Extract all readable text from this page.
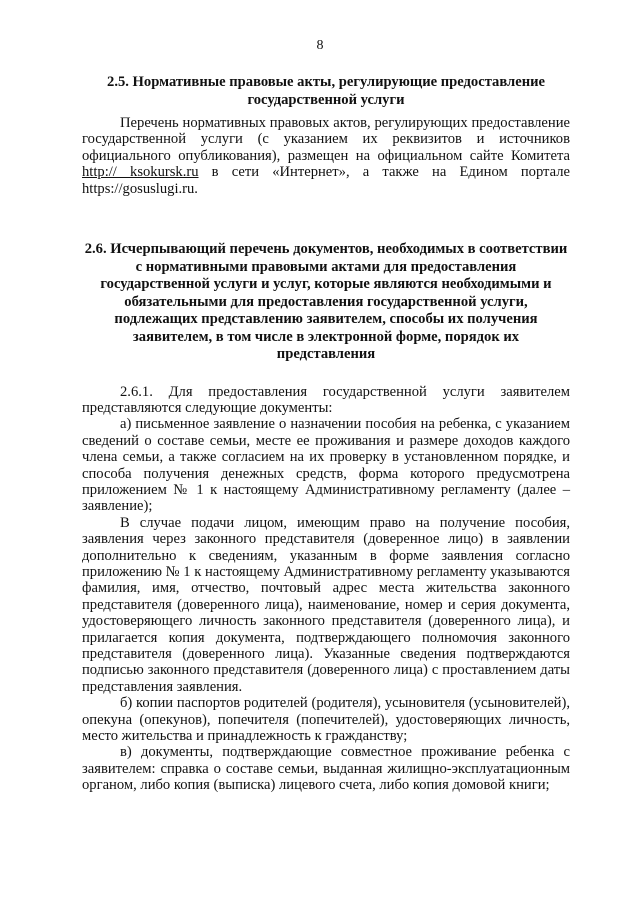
8

2.5. Нормативные правовые акты, регулирующие предоставление государственной услуги

Перечень нормативных правовых актов, регулирующих предоставление государственной услуги (с указанием их реквизитов и источников официального опубликования), размещен на официальном сайте Комитета http:// ksokursk.ru в сети «Интернет», а также на Едином портале https://gosuslugi.ru.

2.6. Исчерпывающий перечень документов, необходимых в соответствии с нормативными правовыми актами для предоставления государственной услуги и услуг, которые являются необходимыми и обязательными для предоставления государственной услуги, подлежащих представлению заявителем, способы их получения заявителем, в том числе в электронной форме, порядок их представления

2.6.1. Для предоставления государственной услуги заявителем представляются следующие документы:

а) письменное заявление о назначении пособия на ребенка, с указанием сведений о составе семьи, месте ее проживания и размере доходов каждого члена семьи, а также согласием на их проверку в установленном порядке, и способа получения денежных средств, форма которого предусмотрена приложением № 1 к настоящему Административному регламенту (далее – заявление);

В случае подачи лицом, имеющим право на получение пособия, заявления через законного представителя (доверенное лицо) в заявлении дополнительно к сведениям, указанным в форме заявления согласно приложению № 1 к настоящему Административному регламенту указываются фамилия, имя, отчество, почтовый адрес места жительства законного представителя (доверенного лица), наименование, номер и серия документа, удостоверяющего личность законного представителя (доверенного лица), и прилагается копия документа, подтверждающего полномочия законного представителя (доверенного лица). Указанные сведения подтверждаются подписью законного представителя (доверенного лица) с проставлением даты представления заявления.

б) копии паспортов родителей (родителя), усыновителя (усыновителей), опекуна (опекунов), попечителя (попечителей), удостоверяющих личность, место жительства и принадлежность к гражданству;

в) документы, подтверждающие совместное проживание ребенка с заявителем: справка о составе семьи, выданная жилищно-эксплуатационным органом, либо копия (выписка) лицевого счета, либо копия домовой книги;
